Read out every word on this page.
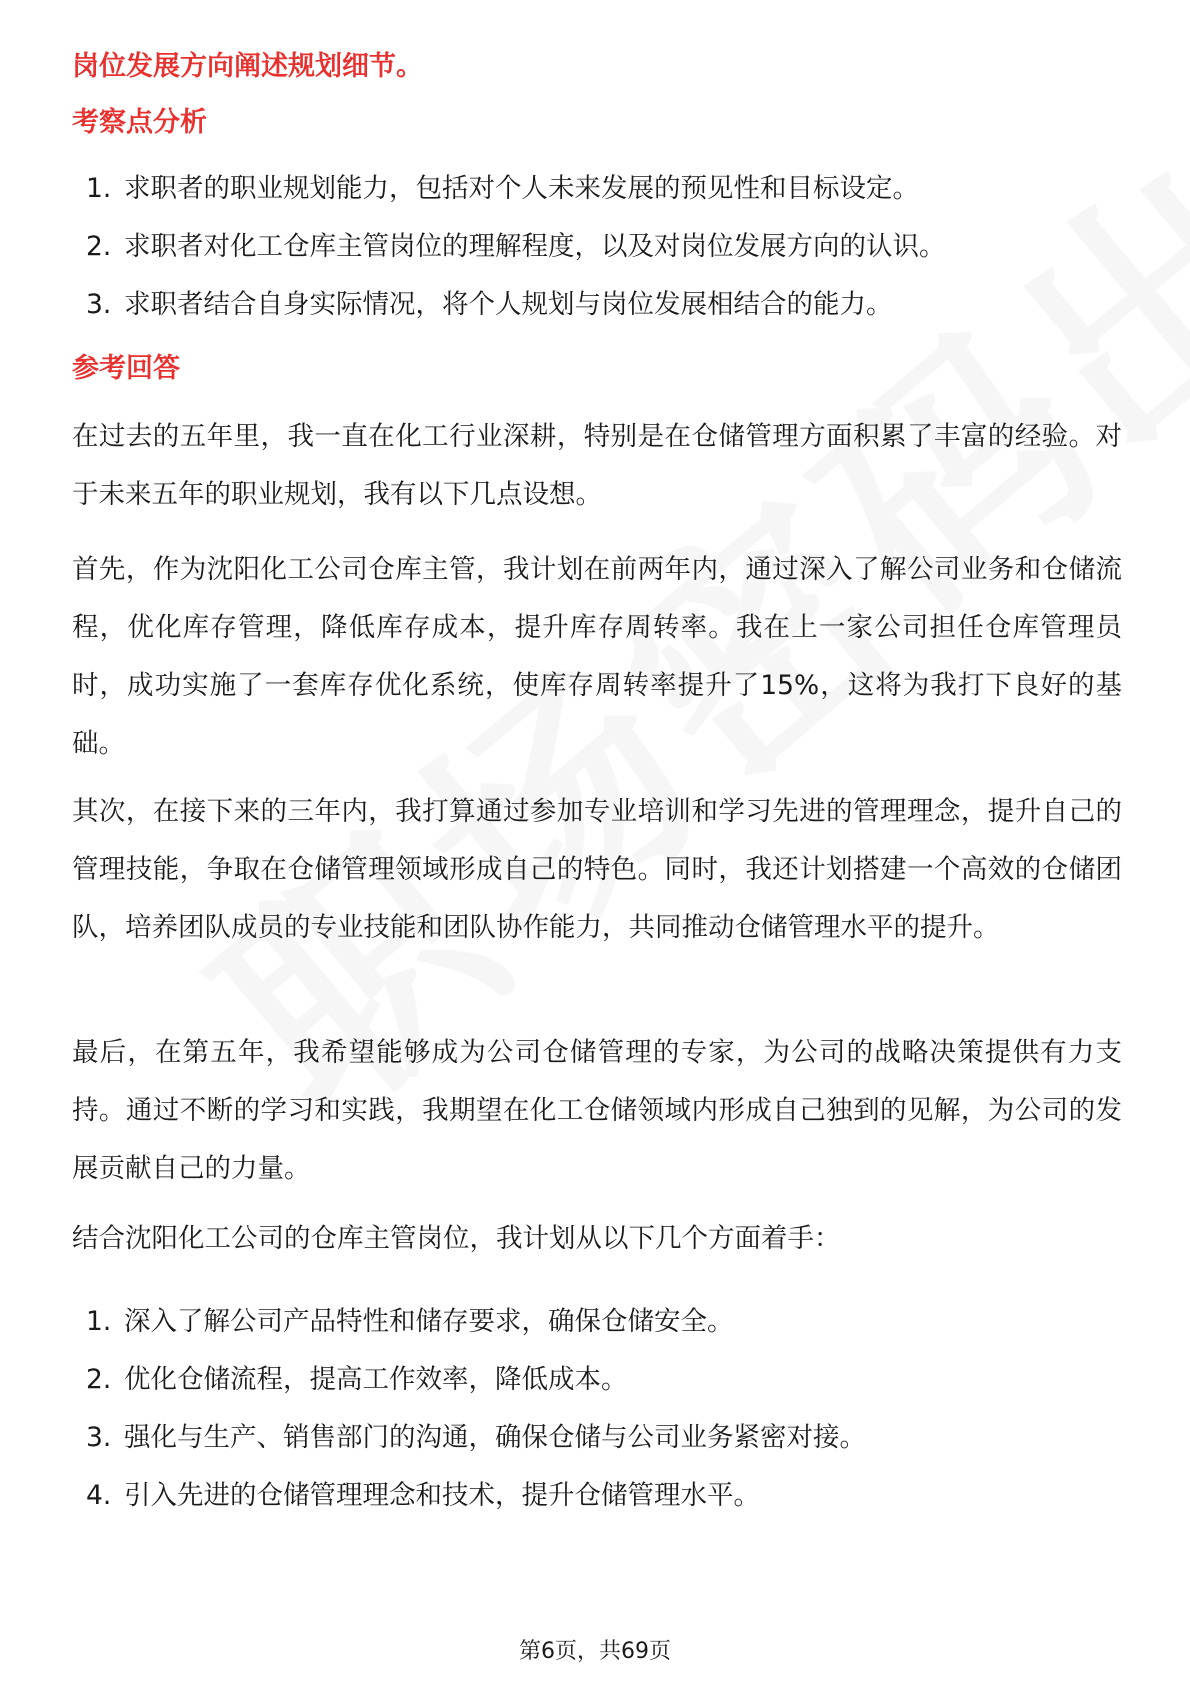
岗位发展方向阐述规划细节。
考察点分析
1. 求职者的职业规划能力，包括对个人未来发展的预见性和目标设定。
2. 求职者对化工仓库主管岗位的理解程度，以及对岗位发展方向的认识。
3. 求职者结合自身实际情况，将个人规划与岗位发展相结合的能力。
参考回答

在过去的五年里，我一直在化工行业深耕，特别是在仓储管理方面积累了丰富的经验。对于未来五年的职业规划，我有以下几点设想。

首先，作为沈阳化工公司仓库主管，我计划在前两年内，通过深入了解公司业务和仓储流程，优化库存管理，降低库存成本，提升库存周转率。我在上一家公司担任仓库管理员时，成功实施了一套库存优化系统，使库存周转率提升了15%，这将为我打下良好的基础。

其次，在接下来的三年内，我打算通过参加专业培训和学习先进的管理理念，提升自己的管理技能，争取在仓储管理领域形成自己的特色。同时，我还计划搭建一个高效的仓储团队，培养团队成员的专业技能和团队协作能力，共同推动仓储管理水平的提升。

最后，在第五年，我希望能够成为公司仓储管理的专家，为公司的战略决策提供有力支持。通过不断的学习和实践，我期望在化工仓储领域内形成自己独到的见解，为公司的发展贡献自己的力量。

结合沈阳化工公司的仓库主管岗位，我计划从以下几个方面着手：

1. 深入了解公司产品特性和储存要求，确保仓储安全。
2. 优化仓储流程，提高工作效率，降低成本。
3. 强化与生产、销售部门的沟通，确保仓储与公司业务紧密对接。
4. 引入先进的仓储管理理念和技术，提升仓储管理水平。
第6页，共69页
